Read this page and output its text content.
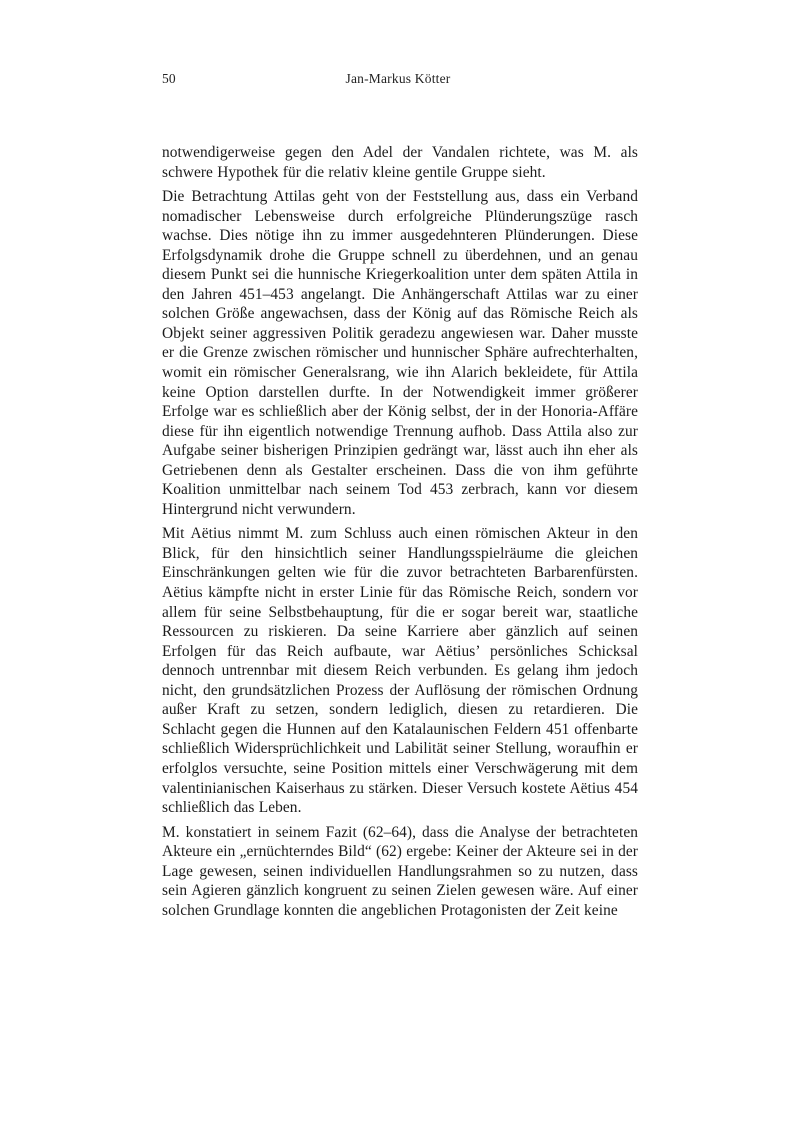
50	Jan-Markus Kötter

notwendigerweise gegen den Adel der Vandalen richtete, was M. als schwere Hypothek für die relativ kleine gentile Gruppe sieht.

Die Betrachtung Attilas geht von der Feststellung aus, dass ein Verband nomadischer Lebensweise durch erfolgreiche Plünderungszüge rasch wachse. Dies nötige ihn zu immer ausgedehnteren Plünderungen. Diese Erfolgsdynamik drohe die Gruppe schnell zu überdehnen, und an genau diesem Punkt sei die hunnische Kriegerkoalition unter dem späten Attila in den Jahren 451–453 angelangt. Die Anhängerschaft Attilas war zu einer solchen Größe angewachsen, dass der König auf das Römische Reich als Objekt seiner aggressiven Politik geradezu angewiesen war. Daher musste er die Grenze zwischen römischer und hunnischer Sphäre aufrechterhalten, womit ein römischer Generalsrang, wie ihn Alarich bekleidete, für Attila keine Option darstellen durfte. In der Notwendigkeit immer größerer Erfolge war es schließlich aber der König selbst, der in der Honoria-Affäre diese für ihn eigentlich notwendige Trennung aufhob. Dass Attila also zur Aufgabe seiner bisherigen Prinzipien gedrängt war, lässt auch ihn eher als Getriebenen denn als Gestalter erscheinen. Dass die von ihm geführte Koalition unmittelbar nach seinem Tod 453 zerbrach, kann vor diesem Hintergrund nicht verwundern.

Mit Aëtius nimmt M. zum Schluss auch einen römischen Akteur in den Blick, für den hinsichtlich seiner Handlungsspielräume die gleichen Einschränkungen gelten wie für die zuvor betrachteten Barbarenfürsten. Aëtius kämpfte nicht in erster Linie für das Römische Reich, sondern vor allem für seine Selbstbehauptung, für die er sogar bereit war, staatliche Ressourcen zu riskieren. Da seine Karriere aber gänzlich auf seinen Erfolgen für das Reich aufbaute, war Aëtius’ persönliches Schicksal dennoch untrennbar mit diesem Reich verbunden. Es gelang ihm jedoch nicht, den grundsätzlichen Prozess der Auflösung der römischen Ordnung außer Kraft zu setzen, sondern lediglich, diesen zu retardieren. Die Schlacht gegen die Hunnen auf den Katalaunischen Feldern 451 offenbarte schließlich Widersprüchlichkeit und Labilität seiner Stellung, woraufhin er erfolglos versuchte, seine Position mittels einer Verschwägerung mit dem valentinianischen Kaiserhaus zu stärken. Dieser Versuch kostete Aëtius 454 schließlich das Leben.

M. konstatiert in seinem Fazit (62–64), dass die Analyse der betrachteten Akteure ein „ernüchterndes Bild“ (62) ergebe: Keiner der Akteure sei in der Lage gewesen, seinen individuellen Handlungsrahmen so zu nutzen, dass sein Agieren gänzlich kongruent zu seinen Zielen gewesen wäre. Auf einer solchen Grundlage konnten die angeblichen Protagonisten der Zeit keine
